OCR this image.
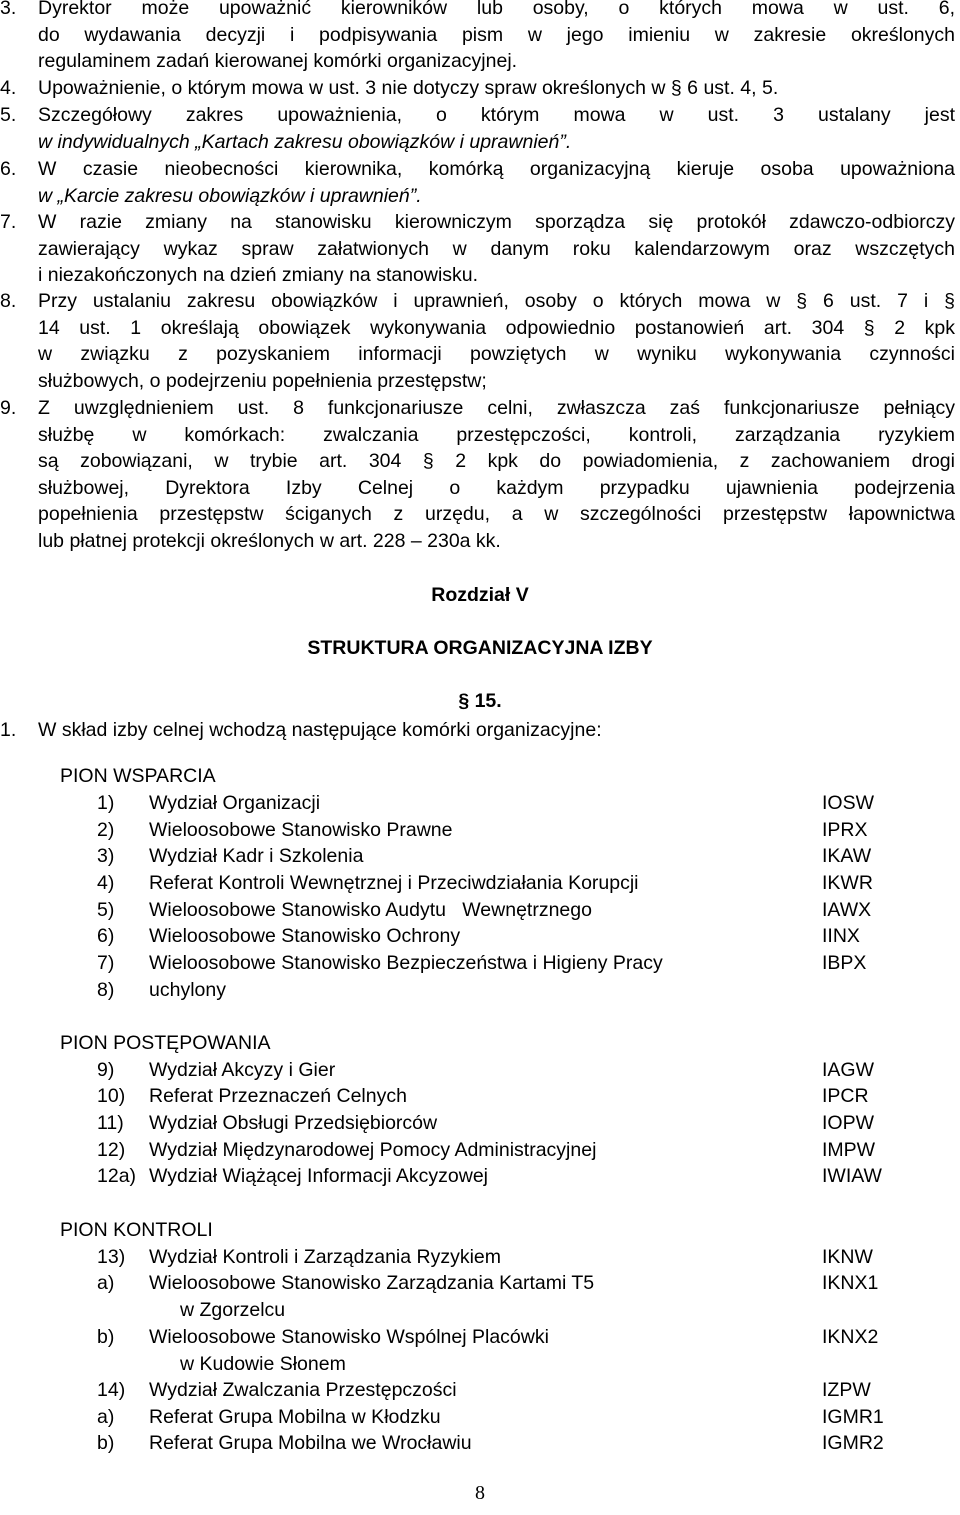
3. Dyrektor może upoważnić kierowników lub osoby, o których mowa w ust. 6,
do wydawania decyzji i podpisywania pism w jego imieniu w zakresie określonych
regulaminem zadań kierowanej komórki organizacyjnej.
4. Upoważnienie, o którym mowa w ust. 3 nie dotyczy spraw określonych w § 6 ust. 4, 5.
5. Szczegółowy zakres upoważnienia, o którym mowa w ust. 3 ustalany jest
w indywidualnych „Kartach zakresu obowiązków i uprawnień”.
6. W czasie nieobecności kierownika, komórką organizacyjną kieruje osoba upoważniona
w „Karcie zakresu obowiązków i uprawnień”.
7. W razie zmiany na stanowisku kierowniczym sporządza się protokół zdawczo-odbiorczy
zawierający wykaz spraw załatwionych w danym roku kalendarzowym oraz wszczętych
i niezakończonych na dzień zmiany na stanowisku.
8. Przy ustalaniu zakresu obowiązków i uprawnień, osoby o których mowa w § 6 ust. 7 i §
14 ust. 1 określają obowiązek wykonywania odpowiednio postanowień art. 304 § 2 kpk
w związku z pozyskaniem informacji powziętych w wyniku wykonywania czynności
służbowych, o podejrzeniu popełnienia przestępstw;
9. Z uwzględnieniem ust. 8 funkcjonariusze celni, zwłaszcza zaś funkcjonariusze pełniący
służbę w komórkach: zwalczania przestępczości, kontroli, zarządzania ryzykiem
są zobowiązani, w trybie art. 304 § 2 kpk do powiadomienia, z zachowaniem drogi
służbowej, Dyrektora Izby Celnej o każdym przypadku ujawnienia podejrzenia
popełnienia przestępstw ściganych z urzędu, a w szczególności przestępstw łapownictwa
lub płatnej protekcji określonych w art. 228 – 230a kk.
Rozdział V
STRUKTURA ORGANIZACYJNA IZBY
§ 15.
1. W skład izby celnej wchodzą następujące komórki organizacyjne:
PION WSPARCIA
1) Wydział Organizacji	IOSW
2) Wieloosobowe Stanowisko Prawne	IPRX
3) Wydział Kadr i Szkolenia	IKAW
4) Referat Kontroli Wewnętrznej i Przeciwdziałania Korupcji	IKWR
5) Wieloosobowe Stanowisko Audytu   Wewnętrznego	IAWX
6) Wieloosobowe Stanowisko Ochrony	IINX
7) Wieloosobowe Stanowisko Bezpieczeństwa i Higieny Pracy	IBPX
8) uchylony
PION POSTĘPOWANIA
9) Wydział Akcyzy i Gier	IAGW
10) Referat Przeznaczeń Celnych	IPCR
11) Wydział Obsługi Przedsiębiorców	IOPW
12) Wydział Międzynarodowej Pomocy Administracyjnej	IMPW
12a) Wydział Wiążącej Informacji Akcyzowej	IWIAW
PION KONTROLI
13) Wydział Kontroli i Zarządzania Ryzykiem	IKNW
a) Wieloosobowe Stanowisko Zarządzania Kartami T5	IKNX1
w Zgorzelcu
b) Wieloosobowe Stanowisko Wspólnej Placówki	IKNX2
w Kudowie Słonem
14) Wydział Zwalczania Przestępczości	IZPW
a) Referat Grupa Mobilna w Kłodzku	IGMR1
b) Referat Grupa Mobilna we Wrocławiu	IGMR2
8
